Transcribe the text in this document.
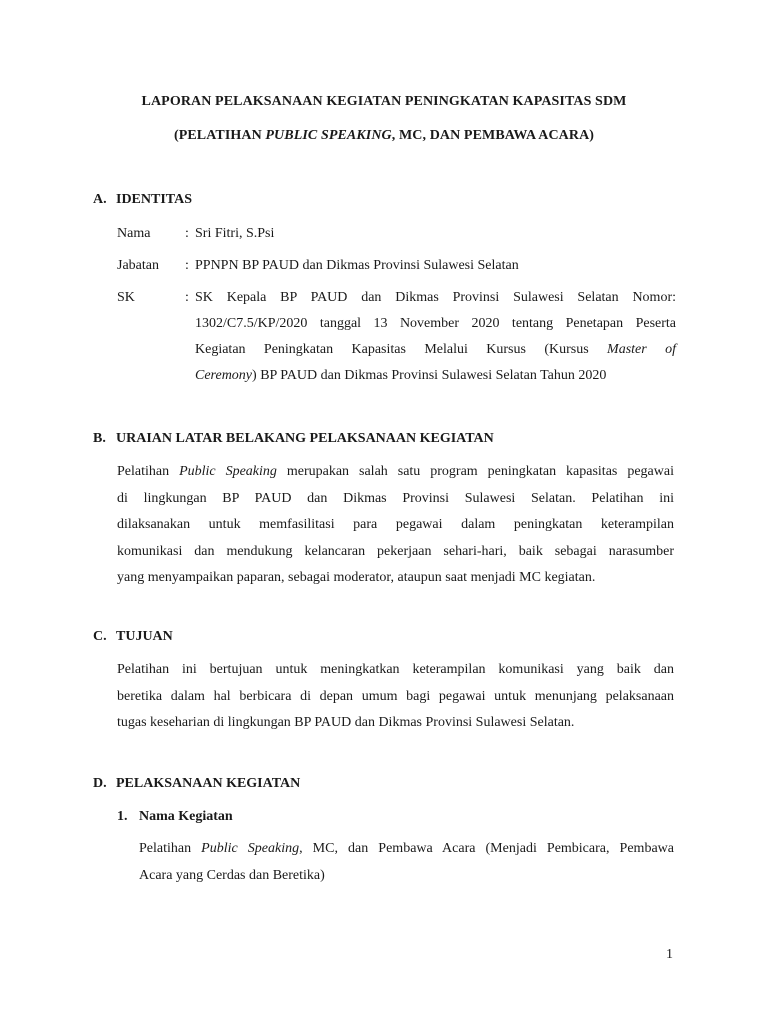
LAPORAN PELAKSANAAN KEGIATAN PENINGKATAN KAPASITAS SDM
(PELATIHAN PUBLIC SPEAKING, MC, DAN PEMBAWA ACARA)
A. IDENTITAS
Nama : Sri Fitri, S.Psi
Jabatan : PPNPN BP PAUD dan Dikmas Provinsi Sulawesi Selatan
SK	: SK Kepala BP PAUD dan Dikmas Provinsi Sulawesi Selatan Nomor:
1302/C7.5/KP/2020 tanggal 13 November 2020 tentang Penetapan Peserta
Kegiatan Peningkatan Kapasitas Melalui Kursus (Kursus Master of
Ceremony) BP PAUD dan Dikmas Provinsi Sulawesi Selatan Tahun 2020
B. URAIAN LATAR BELAKANG PELAKSANAAN KEGIATAN
Pelatihan Public Speaking merupakan salah satu program peningkatan kapasitas pegawai
di lingkungan BP PAUD dan Dikmas Provinsi Sulawesi Selatan. Pelatihan ini
dilaksanakan untuk memfasilitasi para pegawai dalam peningkatan keterampilan
komunikasi dan mendukung kelancaran pekerjaan sehari-hari, baik sebagai narasumber
yang menyampaikan paparan, sebagai moderator, ataupun saat menjadi MC kegiatan.
C. TUJUAN
Pelatihan ini bertujuan untuk meningkatkan keterampilan komunikasi yang baik dan
beretika dalam hal berbicara di depan umum bagi pegawai untuk menunjang pelaksanaan
tugas keseharian di lingkungan BP PAUD dan Dikmas Provinsi Sulawesi Selatan.
D. PELAKSANAAN KEGIATAN
1. Nama Kegiatan
Pelatihan Public Speaking, MC, dan Pembawa Acara (Menjadi Pembicara, Pembawa
Acara yang Cerdas dan Beretika)
1
